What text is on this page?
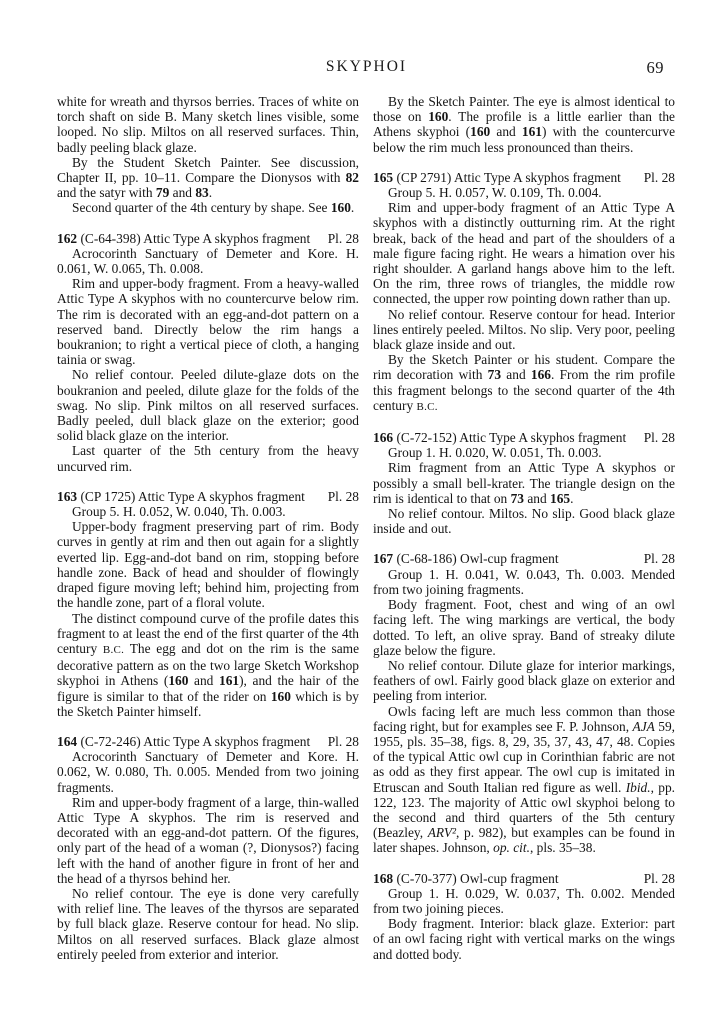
SKYPHOI	69

white for wreath and thyrsos berries. Traces of white on torch shaft on side B. Many sketch lines visible, some looped. No slip. Miltos on all reserved surfaces. Thin, badly peeling black glaze.

By the Student Sketch Painter. See discussion, Chapter II, pp. 10–11. Compare the Dionysos with 82 and the satyr with 79 and 83.

Second quarter of the 4th century by shape. See 160.

162 (C-64-398) Attic Type A skyphos fragment	Pl. 28

Acrocorinth Sanctuary of Demeter and Kore. H. 0.061, W. 0.065, Th. 0.008.

Rim and upper-body fragment. From a heavy-walled Attic Type A skyphos with no countercurve below rim. The rim is decorated with an egg-and-dot pattern on a reserved band. Directly below the rim hangs a boukranion; to right a vertical piece of cloth, a hanging tainia or swag.

No relief contour. Peeled dilute-glaze dots on the boukranion and peeled, dilute glaze for the folds of the swag. No slip. Pink miltos on all reserved surfaces. Badly peeled, dull black glaze on the exterior; good solid black glaze on the interior.

Last quarter of the 5th century from the heavy uncurved rim.

163 (CP 1725) Attic Type A skyphos fragment	Pl. 28

Group 5. H. 0.052, W. 0.040, Th. 0.003.

Upper-body fragment preserving part of rim. Body curves in gently at rim and then out again for a slightly everted lip. Egg-and-dot band on rim, stopping before handle zone. Back of head and shoulder of flowingly draped figure moving left; behind him, projecting from the handle zone, part of a floral volute.

The distinct compound curve of the profile dates this fragment to at least the end of the first quarter of the 4th century B.C. The egg and dot on the rim is the same decorative pattern as on the two large Sketch Workshop skyphoi in Athens (160 and 161), and the hair of the figure is similar to that of the rider on 160 which is by the Sketch Painter himself.

164 (C-72-246) Attic Type A skyphos fragment	Pl. 28

Acrocorinth Sanctuary of Demeter and Kore. H. 0.062, W. 0.080, Th. 0.005. Mended from two joining fragments.

Rim and upper-body fragment of a large, thin-walled Attic Type A skyphos. The rim is reserved and decorated with an egg-and-dot pattern. Of the figures, only part of the head of a woman (?, Dionysos?) facing left with the hand of another figure in front of her and the head of a thyrsos behind her.

No relief contour. The eye is done very carefully with relief line. The leaves of the thyrsos are separated by full black glaze. Reserve contour for head. No slip. Miltos on all reserved surfaces. Black glaze almost entirely peeled from exterior and interior.

By the Sketch Painter. The eye is almost identical to those on 160. The profile is a little earlier than the Athens skyphoi (160 and 161) with the countercurve below the rim much less pronounced than theirs.

165 (CP 2791) Attic Type A skyphos fragment	Pl. 28

Group 5. H. 0.057, W. 0.109, Th. 0.004.

Rim and upper-body fragment of an Attic Type A skyphos with a distinctly outturning rim. At the right break, back of the head and part of the shoulders of a male figure facing right. He wears a himation over his right shoulder. A garland hangs above him to the left. On the rim, three rows of triangles, the middle row connected, the upper row pointing down rather than up.

No relief contour. Reserve contour for head. Interior lines entirely peeled. Miltos. No slip. Very poor, peeling black glaze inside and out.

By the Sketch Painter or his student. Compare the rim decoration with 73 and 166. From the rim profile this fragment belongs to the second quarter of the 4th century B.C.

166 (C-72-152) Attic Type A skyphos fragment	Pl. 28

Group 1. H. 0.020, W. 0.051, Th. 0.003.

Rim fragment from an Attic Type A skyphos or possibly a small bell-krater. The triangle design on the rim is identical to that on 73 and 165.

No relief contour. Miltos. No slip. Good black glaze inside and out.

167 (C-68-186) Owl-cup fragment	Pl. 28

Group 1. H. 0.041, W. 0.043, Th. 0.003. Mended from two joining fragments.

Body fragment. Foot, chest and wing of an owl facing left. The wing markings are vertical, the body dotted. To left, an olive spray. Band of streaky dilute glaze below the figure.

No relief contour. Dilute glaze for interior markings, feathers of owl. Fairly good black glaze on exterior and peeling from interior.

Owls facing left are much less common than those facing right, but for examples see F. P. Johnson, AJA 59, 1955, pls. 35–38, figs. 8, 29, 35, 37, 43, 47, 48. Copies of the typical Attic owl cup in Corinthian fabric are not as odd as they first appear. The owl cup is imitated in Etruscan and South Italian red figure as well. Ibid., pp. 122, 123. The majority of Attic owl skyphoi belong to the second and third quarters of the 5th century (Beazley, ARV², p. 982), but examples can be found in later shapes. Johnson, op. cit., pls. 35–38.

168 (C-70-377) Owl-cup fragment	Pl. 28

Group 1. H. 0.029, W. 0.037, Th. 0.002. Mended from two joining pieces.

Body fragment. Interior: black glaze. Exterior: part of an owl facing right with vertical marks on the wings and dotted body.
